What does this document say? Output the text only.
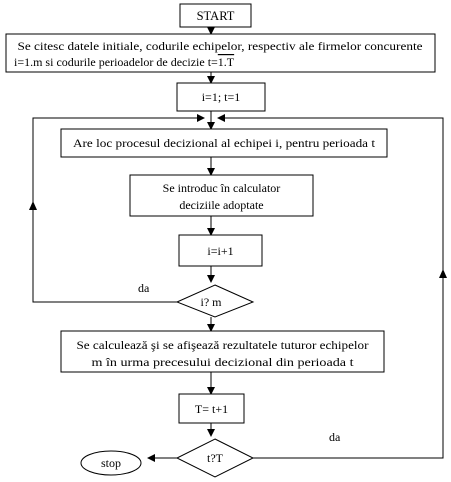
START
Se citesc datele initiale, codurile echipelor, respectiv ale firmelor concurente
i=1.m si codurile perioadelor de decizie t=1.T
i=1; t=1
Are loc procesul decizional al echipei i, pentru perioada t
Se introduc în calculator
deciziile adoptate
i=i+1
i? m
da
Se calculează şi se afişează rezultatele tuturor echipelor
m în urma precesului decizional din perioada t
T= t+1
t?T
da
stop
